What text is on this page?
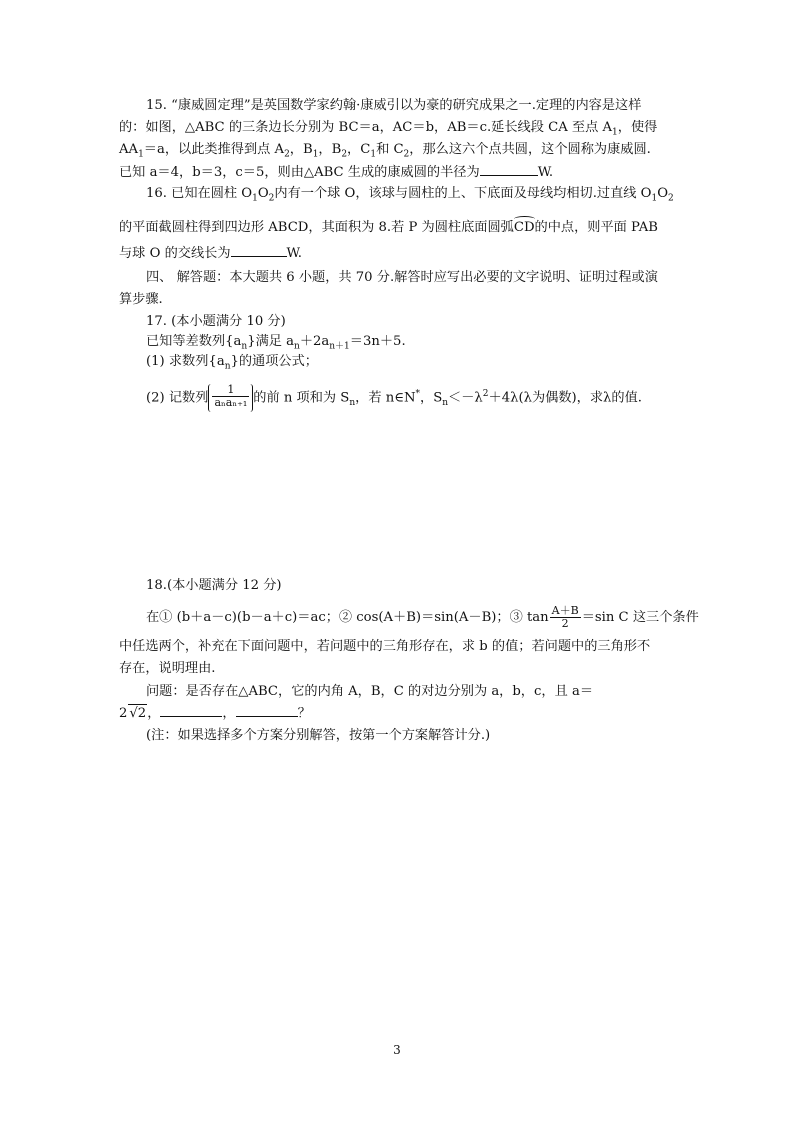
15. “康威圆定理”是英国数学家约翰·康威引以为豪的研究成果之一.定理的内容是这样
的：如图，△ABC 的三条边长分别为 BC＝a，AC＝b，AB＝c.延长线段 CA 至点 $A_1$，使得
$AA_1=a$，以此类推得到点 $A_2$，$B_1$，$B_2$，$C_1$和 $C_2$，那么这六个点共圆，这个圆称为康威圆.
已知 a＝4，b＝3，c＝5，则由△ABC 生成的康威圆的半径为	W.
16. 已知在圆柱 $O_1O_2$内有一个球 O，该球与圆柱的上、下底面及母线均相切.过直线 $O_1O_2$
的平面截圆柱得到四边形 ABCD，其面积为 8.若 P 为圆柱底面圆弧CD的中点，则平面 PAB
与球 O 的交线长为	W.
四、 解答题：本大题共 6 小题，共 70 分.解答时应写出必要的文字说明、证明过程或演
算步骤.
17. (本小题满分 10 分)
已知等差数列$\{a_n\}$满足 $a_n+2a_{n+1}=3n+5$.
(1) 求数列$\{a_n\}$的通项公式；
(2) 记数列 $\frac{1}{\text{aₙaₙ₊₁}}$ 的前 n 项和为 $S_n$，若 n∈N*，$S_n<-\lambda^2+4\lambda(\lambda$为偶数)，求λ的值.
18.(本小题满分 12 分)
在① (b＋a－c)(b－a＋c)＝ac；② cos(A＋B)＝sin(A－B)；③ $\tan \frac{A+B}{2} =\sin$ C 这三个条件
中任选两个，补充在下面问题中，若问题中的三角形存在，求 b 的值；若问题中的三角形不
存在，说明理由.
问题：是否存在△ABC，它的内角 A，B，C 的对边分别为 a，b，c，且 a＝
2 √2，	，	？
(注：如果选择多个方案分别解答，按第一个方案解答计分.)
3
